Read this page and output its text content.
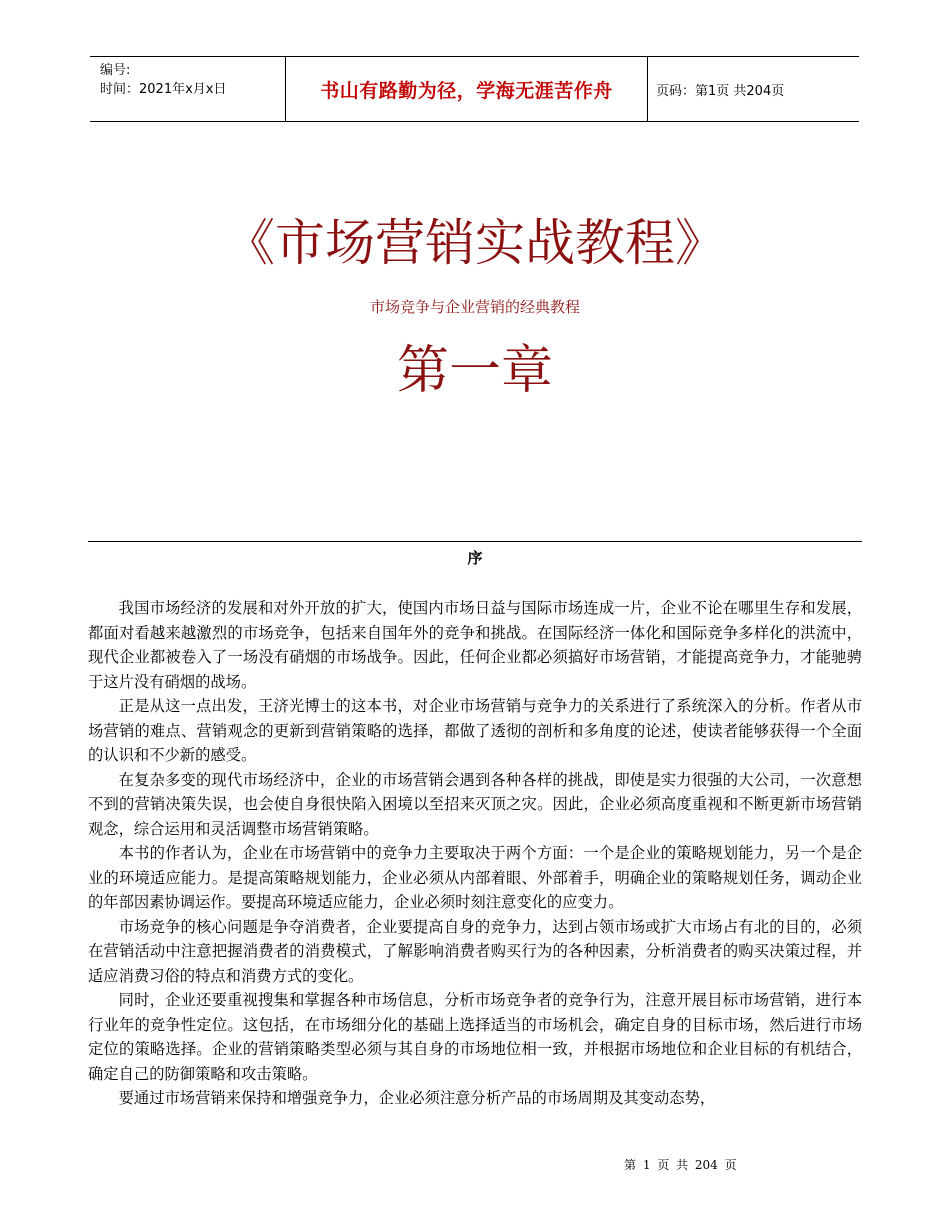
编号:
时间：2021年x月x日	书山有路勤为径，学海无涯苦作舟	页码：第1页 共204页
《市场营销实战教程》
市场竞争与企业营销的经典教程
第一章
序

我国市场经济的发展和对外开放的扩大，使国内市场日益与国际市场连成一片，企业不论在哪里生存和发展，都面对看越来越激烈的市场竞争，包括来自国年外的竞争和挑战。在国际经济一体化和国际竞争多样化的洪流中，现代企业都被卷入了一场没有硝烟的市场战争。因此，任何企业都必须搞好市场营销，才能提高竞争力，才能驰骋于这片没有硝烟的战场。

正是从这一点出发，王济光博士的这本书，对企业市场营销与竞争力的关系进行了系统深入的分析。作者从市场营销的难点、营销观念的更新到营销策略的选择，都做了透彻的剖析和多角度的论述，使读者能够获得一个全面的认识和不少新的感受。

在复杂多变的现代市场经济中，企业的市场营销会遇到各种各样的挑战，即使是实力很强的大公司，一次意想不到的营销决策失误，也会使自身很快陷入困境以至招来灭顶之灾。因此，企业必须高度重视和不断更新市场营销观念，综合运用和灵活调整市场营销策略。

本书的作者认为，企业在市场营销中的竞争力主要取决于两个方面：一个是企业的策略规划能力，另一个是企业的环境适应能力。是提高策略规划能力，企业必须从内部着眼、外部着手，明确企业的策略规划任务，调动企业的年部因素协调运作。要提高环境适应能力，企业必须时刻注意变化的应变力。

市场竞争的核心问题是争夺消费者，企业要提高自身的竞争力，达到占领市场或扩大市场占有北的目的，必须在营销活动中注意把握消费者的消费模式，了解影响消费者购买行为的各种因素，分析消费者的购买决策过程，并适应消费习俗的特点和消费方式的变化。

同时，企业还要重视搜集和掌握各种市场信息，分析市场竞争者的竞争行为，注意开展目标市场营销，进行本行业年的竞争性定位。这包括，在市场细分化的基础上选择适当的市场机会，确定自身的目标市场，然后进行市场定位的策略选择。企业的营销策略类型必须与其自身的市场地位相一致，并根据市场地位和企业目标的有机结合，确定自己的防御策略和攻击策略。

要通过市场营销来保持和增强竞争力，企业必须注意分析产品的市场周期及其变动态势，

第 1 页 共 204 页
